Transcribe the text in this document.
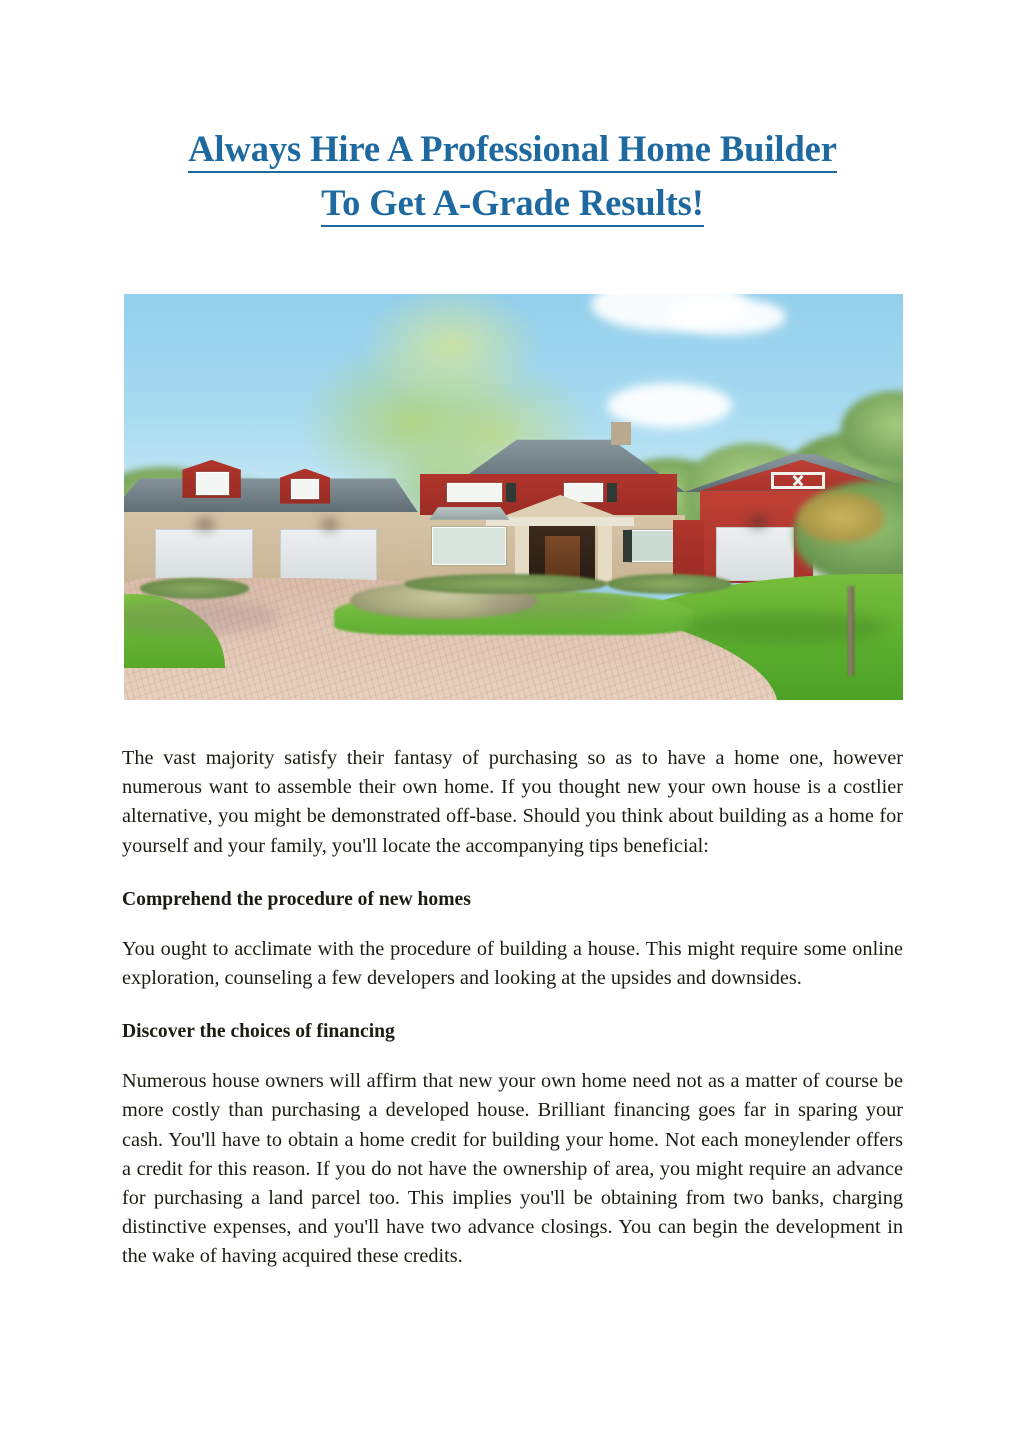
Always Hire A Professional Home Builder
To Get A-Grade Results!

The vast majority satisfy their fantasy of purchasing so as to have a home one, however numerous want to assemble their own home. If you thought new your own house is a costlier alternative, you might be demonstrated off-base. Should you think about building as a home for yourself and your family, you'll locate the accompanying tips beneficial:

Comprehend the procedure of new homes

You ought to acclimate with the procedure of building a house. This might require some online exploration, counseling a few developers and looking at the upsides and downsides.

Discover the choices of financing

Numerous house owners will affirm that new your own home need not as a matter of course be more costly than purchasing a developed house. Brilliant financing goes far in sparing your cash. You'll have to obtain a home credit for building your home. Not each moneylender offers a credit for this reason. If you do not have the ownership of area, you might require an advance for purchasing a land parcel too. This implies you'll be obtaining from two banks, charging distinctive expenses, and you'll have two advance closings. You can begin the development in the wake of having acquired these credits.
